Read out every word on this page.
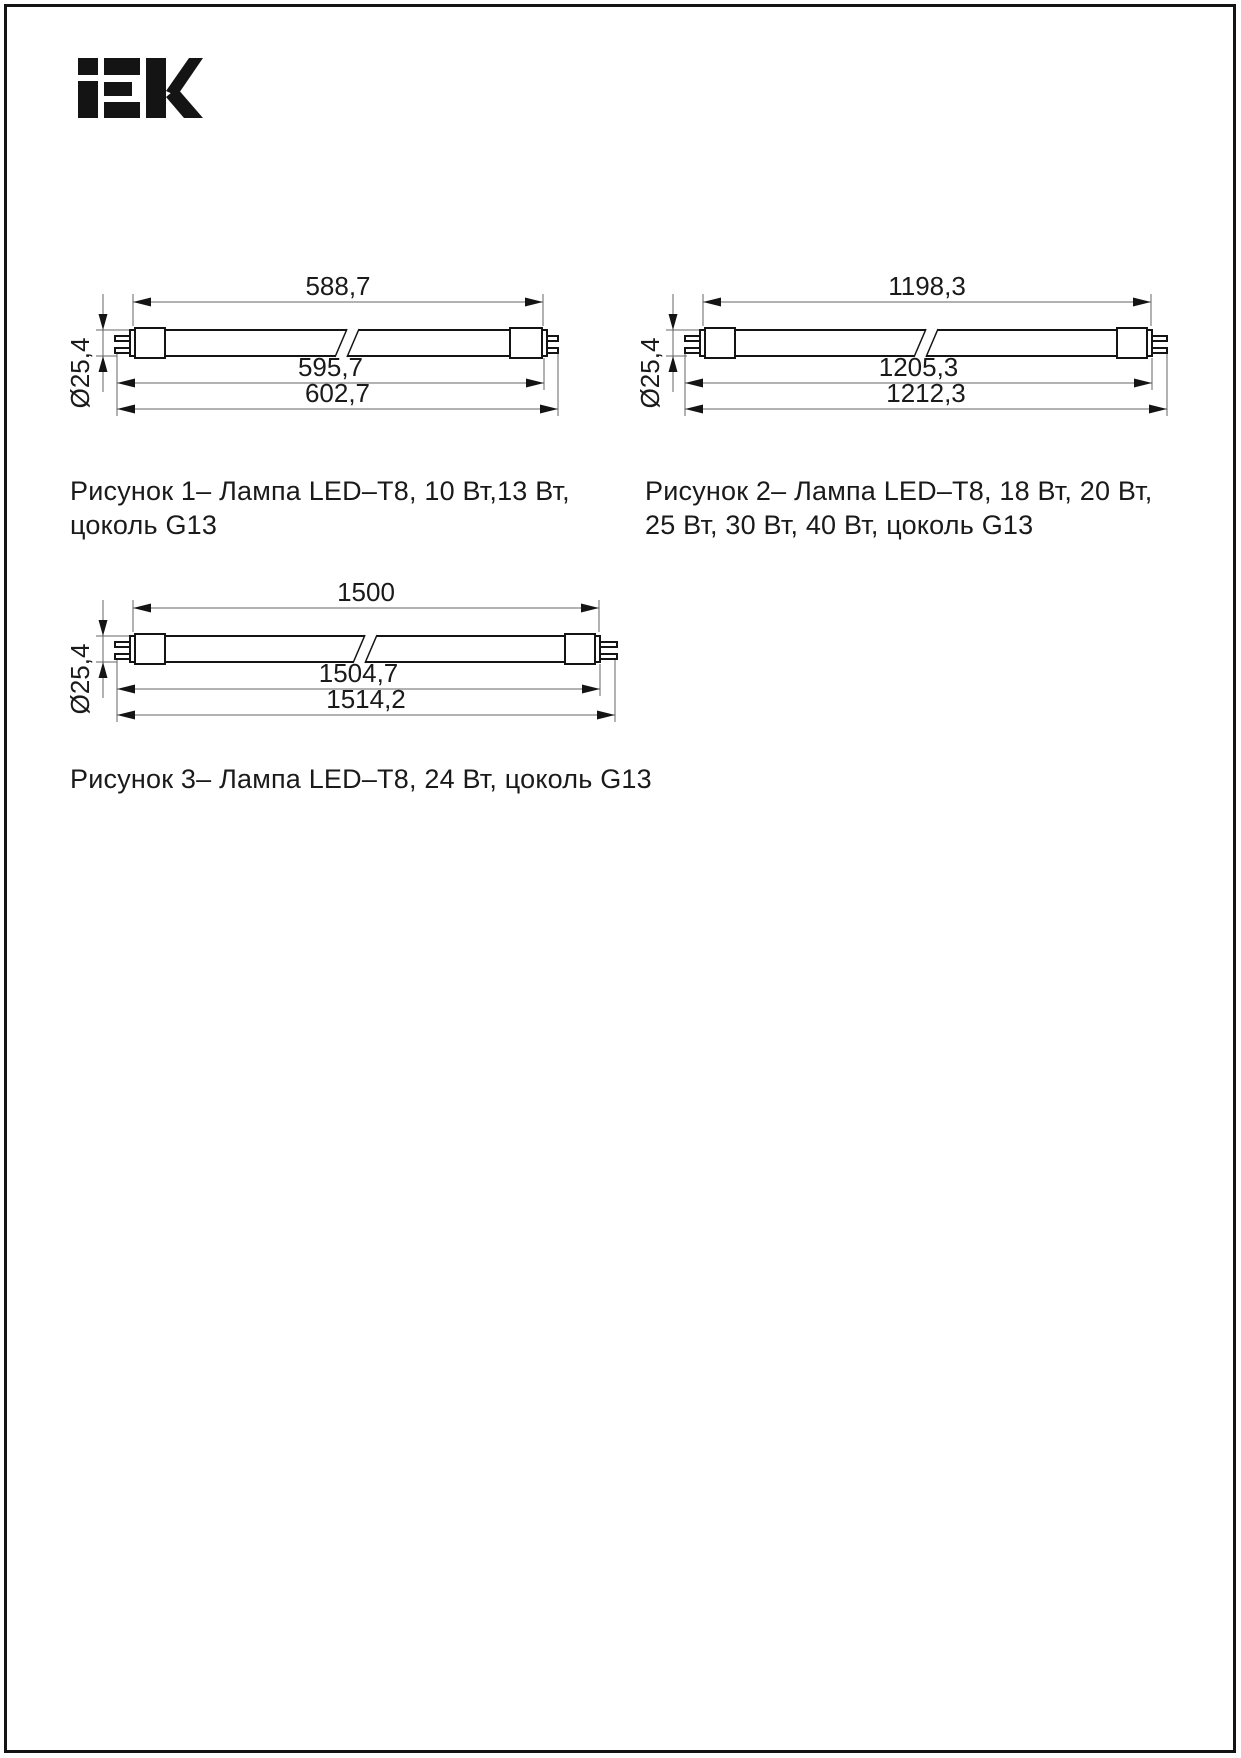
588,7
595,7
602,7
Ø25,4
1198,3
1205,3
1212,3
Ø25,4
1500
1504,7
1514,2
Ø25,4
Рисунок 1– Лампа LED–T8, 10 Вт,13 Вт,
цоколь G13
Рисунок 2– Лампа LED–T8, 18 Вт, 20 Вт,
25 Вт, 30 Вт, 40 Вт, цоколь G13
Рисунок 3– Лампа LED–T8, 24 Вт, цоколь G13
